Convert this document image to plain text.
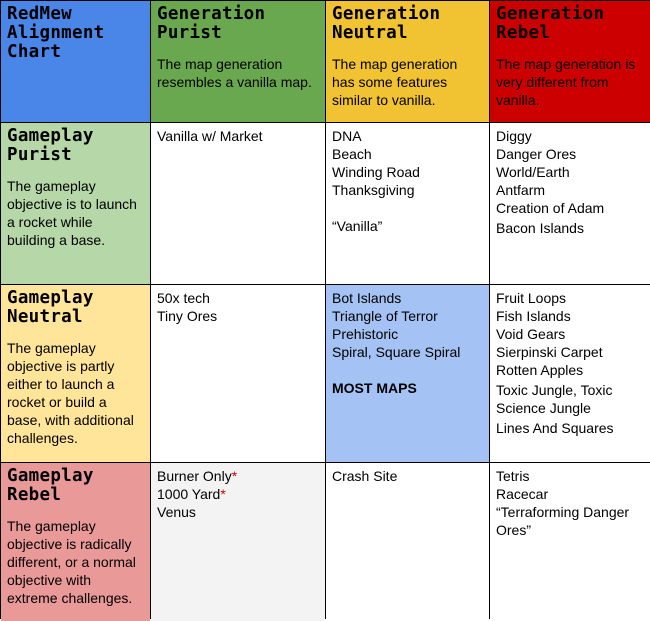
RedMew
Alignment
Chart
Generation
Purist
The map generation resembles a vanilla map.
Generation
Neutral
The map generation has some features similar to vanilla.
Generation
Rebel
The map generation is very different from vanilla.
Gameplay
Purist
The gameplay objective is to launch a rocket while building a base.
Vanilla w/ Market	DNA
Beach
Winding Road
Thanksgiving
“Vanilla”
Diggy
Danger Ores
World/Earth
Antfarm
Creation of Adam
Bacon Islands
Gameplay
Neutral
The gameplay objective is partly either to launch a rocket or build a base, with additional challenges.
50x tech
Tiny Ores
Bot Islands
Triangle of Terror
Prehistoric
Spiral, Square Spiral
MOST MAPS
Fruit Loops
Fish Islands
Void Gears
Sierpinski Carpet
Rotten Apples
Toxic Jungle, Toxic Science Jungle
Lines And Squares
Gameplay
Rebel
The gameplay objective is radically different, or a normal objective with extreme challenges.
Burner Only*
1000 Yard*
Venus
Crash Site	Tetris
Racecar
“Terraforming Danger Ores”
